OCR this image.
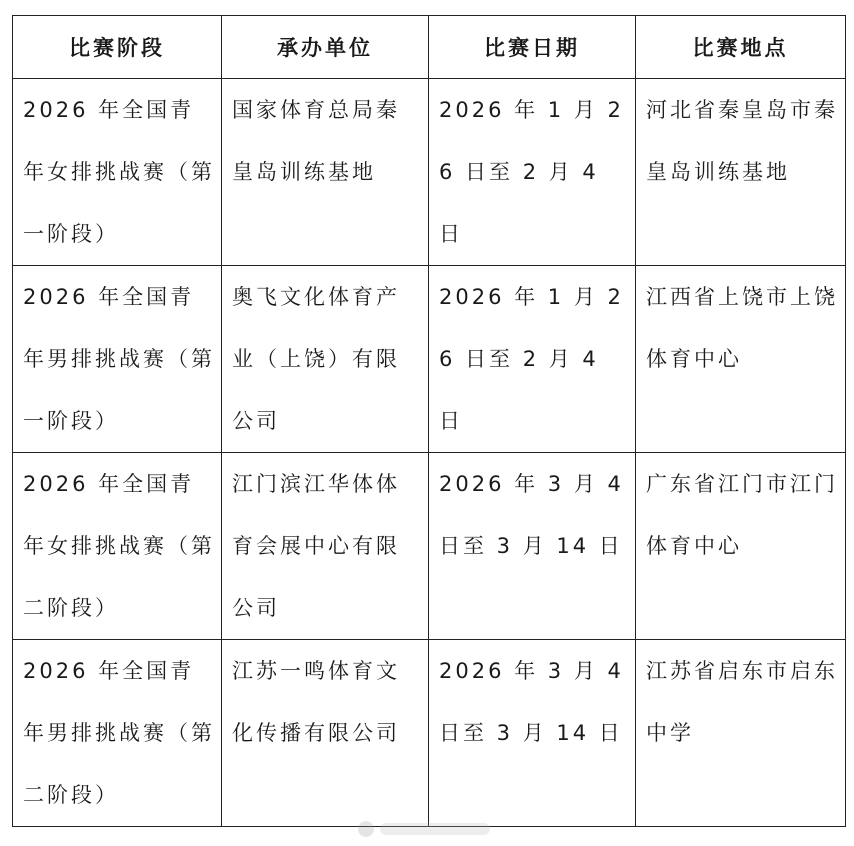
比赛阶段	承办单位	比赛日期	比赛地点
2026 年全国青年女排挑战赛（第一阶段）	国家体育总局秦皇岛训练基地	2026 年 1 月 26 日至 2 月 4 日	河北省秦皇岛市秦皇岛训练基地
2026 年全国青年男排挑战赛（第一阶段）	奥飞文化体育产业（上饶）有限公司	2026 年 1 月 26 日至 2 月 4 日	江西省上饶市上饶体育中心
2026 年全国青年女排挑战赛（第二阶段）	江门滨江华体体育会展中心有限公司	2026 年 3 月 4 日至 3 月 14 日	广东省江门市江门体育中心
2026 年全国青年男排挑战赛（第二阶段）	江苏一鸣体育文化传播有限公司	2026 年 3 月 4 日至 3 月 14 日	江苏省启东市启东中学
